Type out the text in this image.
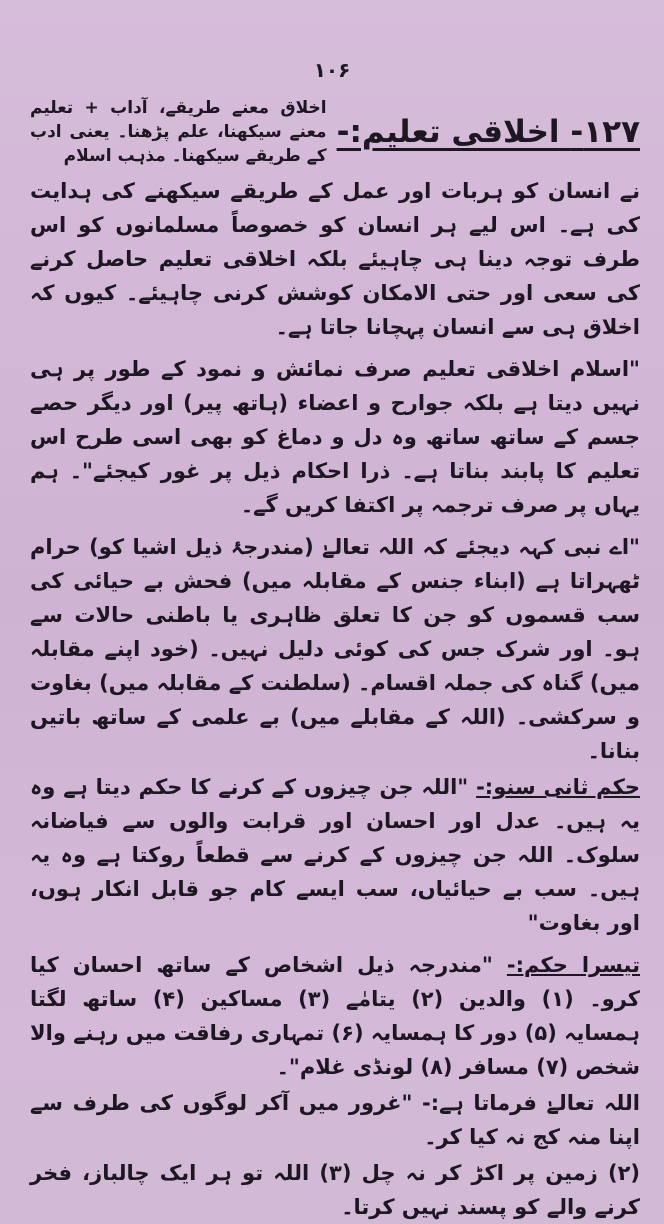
۱۰۶
۱۲۷- اخلاقی تعلیم:-
اخلاق معنے طریقے، آداب + تعلیم معنے سیکھنا، علم پڑھنا۔ یعنی ادب کے طریقے سیکھنا۔ مذہب اسلام

نے انسان کو ہربات اور عمل کے طریقے سیکھنے کی ہدایت کی ہے۔ اس لیے ہر انسان کو خصوصاً مسلمانوں کو اس طرف توجہ دینا ہی چاہیئے بلکہ اخلاقی تعلیم حاصل کرنے کی سعی اور حتی الامکان کوشش کرنی چاہیئے۔ کیوں کہ اخلاق ہی سے انسان پہچانا جاتا ہے۔

"اسلام اخلاقی تعلیم صرف نمائش و نمود کے طور پر ہی نہیں دیتا ہے بلکہ جوارح و اعضاء (ہاتھ پیر) اور دیگر حصے جسم کے ساتھ ساتھ وہ دل و دماغ کو بھی اسی طرح اس تعلیم کا پابند بناتا ہے۔ ذرا احکام ذیل پر غور کیجئے"۔ ہم یہاں پر صرف ترجمہ پر اکتفا کریں گے۔

"اے نبی کہہ دیجئے کہ اللہ تعالےٰ (مندرجۂ ذیل اشیا کو) حرام ٹھہراتا ہے (ابناء جنس کے مقابلہ میں) فحش بے حیائی کی سب قسموں کو جن کا تعلق ظاہری یا باطنی حالات سے ہو۔ اور شرک جس کی کوئی دلیل نہیں۔ (خود اپنے مقابلہ میں) گناہ کی جملہ اقسام۔ (سلطنت کے مقابلہ میں) بغاوت و سرکشی۔ (اللہ کے مقابلے میں) بے علمی کے ساتھ باتیں بنانا۔

حکم ثانی سنو:- "اللہ جن چیزوں کے کرنے کا حکم دیتا ہے وہ یہ ہیں۔ عدل اور احسان اور قرابت والوں سے فیاضانہ سلوک۔ اللہ جن چیزوں کے کرنے سے قطعاً روکتا ہے وہ یہ ہیں۔ سب بے حیائیاں، سب ایسے کام جو قابل انکار ہوں، اور بغاوت"

تیسرا حکم:- "مندرجہ ذیل اشخاص کے ساتھ احسان کیا کرو۔ (۱) والدین (۲) یتامٰے (۳) مساکین (۴) ساتھ لگتا ہمسایہ (۵) دور کا ہمسایہ (۶) تمہاری رفاقت میں رہنے والا شخص (۷) مسافر (۸) لونڈی غلام"۔

اللہ تعالےٰ فرماتا ہے:- "غرور میں آکر لوگوں کی طرف سے اپنا منہ کج نہ کیا کر۔

(۲) زمین پر اکڑ کر نہ چل (۳) اللہ تو ہر ایک چالباز، فخر کرنے والے کو پسند نہیں کرتا۔
